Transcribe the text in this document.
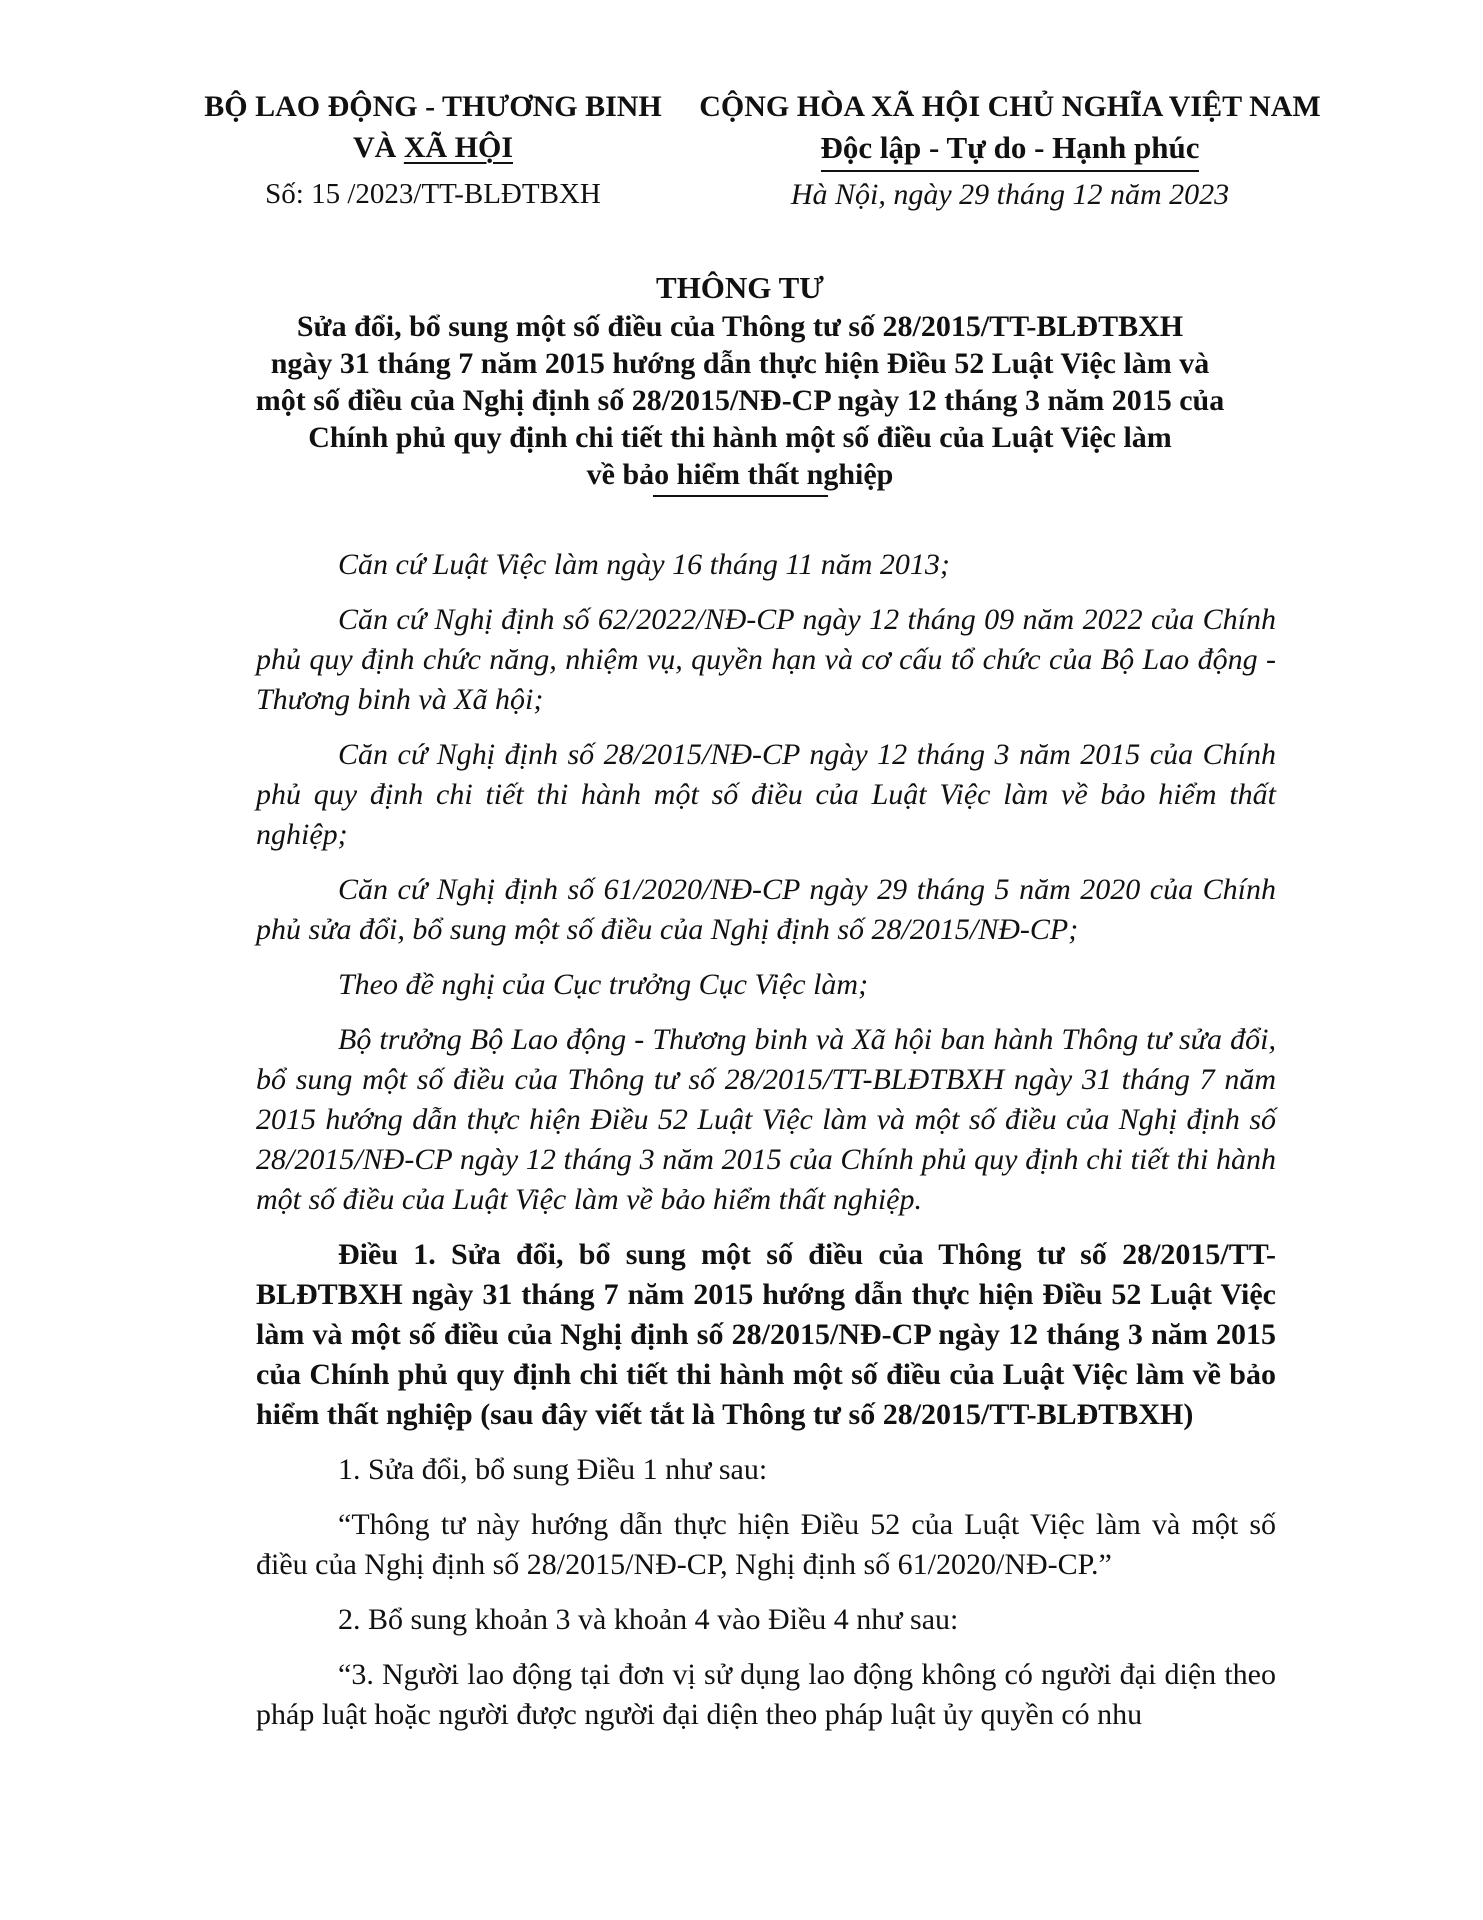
BỘ LAO ĐỘNG - THƯƠNG BINH
VÀ XÃ HỘI
CỘNG HÒA XÃ HỘI CHỦ NGHĨA VIỆT NAM
Độc lập - Tự do - Hạnh phúc
Số: 15 /2023/TT-BLĐTBXH	Hà Nội, ngày 29 tháng 12 năm 2023
THÔNG TƯ
Sửa đổi, bổ sung một số điều của Thông tư số 28/2015/TT-BLĐTBXH
ngày 31 tháng 7 năm 2015 hướng dẫn thực hiện Điều 52 Luật Việc làm và
một số điều của Nghị định số 28/2015/NĐ-CP ngày 12 tháng 3 năm 2015 của
Chính phủ quy định chi tiết thi hành một số điều của Luật Việc làm
về bảo hiểm thất nghiệp

Căn cứ Luật Việc làm ngày 16 tháng 11 năm 2013;

Căn cứ Nghị định số 62/2022/NĐ-CP ngày 12 tháng 09 năm 2022 của Chính phủ quy định chức năng, nhiệm vụ, quyền hạn và cơ cấu tổ chức của Bộ Lao động - Thương binh và Xã hội;

Căn cứ Nghị định số 28/2015/NĐ-CP ngày 12 tháng 3 năm 2015 của Chính phủ quy định chi tiết thi hành một số điều của Luật Việc làm về bảo hiểm thất nghiệp;

Căn cứ Nghị định số 61/2020/NĐ-CP ngày 29 tháng 5 năm 2020 của Chính phủ sửa đổi, bổ sung một số điều của Nghị định số 28/2015/NĐ-CP;

Theo đề nghị của Cục trưởng Cục Việc làm;

Bộ trưởng Bộ Lao động - Thương binh và Xã hội ban hành Thông tư sửa đổi, bổ sung một số điều của Thông tư số 28/2015/TT-BLĐTBXH ngày 31 tháng 7 năm 2015 hướng dẫn thực hiện Điều 52 Luật Việc làm và một số điều của Nghị định số 28/2015/NĐ-CP ngày 12 tháng 3 năm 2015 của Chính phủ quy định chi tiết thi hành một số điều của Luật Việc làm về bảo hiểm thất nghiệp.

Điều 1. Sửa đổi, bổ sung một số điều của Thông tư số 28/2015/TT-BLĐTBXH ngày 31 tháng 7 năm 2015 hướng dẫn thực hiện Điều 52 Luật Việc làm và một số điều của Nghị định số 28/2015/NĐ-CP ngày 12 tháng 3 năm 2015 của Chính phủ quy định chi tiết thi hành một số điều của Luật Việc làm về bảo hiểm thất nghiệp (sau đây viết tắt là Thông tư số 28/2015/TT-BLĐTBXH)

1. Sửa đổi, bổ sung Điều 1 như sau:

“Thông tư này hướng dẫn thực hiện Điều 52 của Luật Việc làm và một số điều của Nghị định số 28/2015/NĐ-CP, Nghị định số 61/2020/NĐ-CP.”

2. Bổ sung khoản 3 và khoản 4 vào Điều 4 như sau:

“3. Người lao động tại đơn vị sử dụng lao động không có người đại diện theo pháp luật hoặc người được người đại diện theo pháp luật ủy quyền có nhu
